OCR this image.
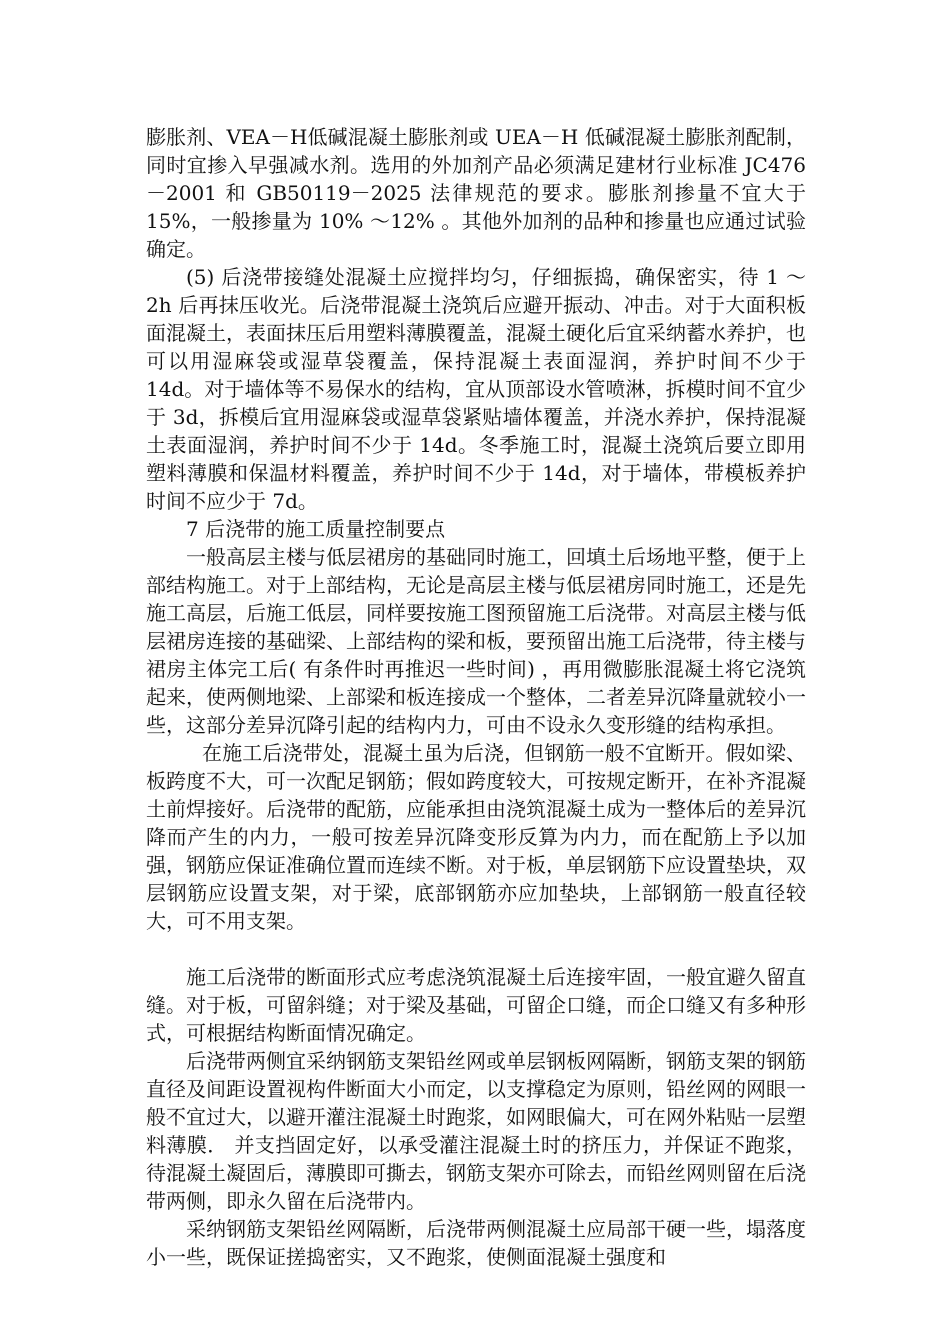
膨胀剂、VEA－H低碱混凝土膨胀剂或 UEA－H 低碱混凝土膨胀剂配制，同时宜掺入早强减水剂。选用的外加剂产品必须满足建材行业标准 JC476－2001 和 GB50119－2025 法律规范的要求。膨胀剂掺量不宜大于 15%，一般掺量为 10% ～12% 。其他外加剂的品种和掺量也应通过试验确定。

(5) 后浇带接缝处混凝土应搅拌均匀，仔细振捣，确保密实，待 1 ～2h 后再抹压收光。后浇带混凝土浇筑后应避开振动、冲击。对于大面积板面混凝土，表面抹压后用塑料薄膜覆盖，混凝土硬化后宜采纳蓄水养护，也可以用湿麻袋或湿草袋覆盖，保持混凝土表面湿润，养护时间不少于 14d。对于墙体等不易保水的结构，宜从顶部设水管喷淋，拆模时间不宜少于 3d，拆模后宜用湿麻袋或湿草袋紧贴墙体覆盖，并浇水养护，保持混凝土表面湿润，养护时间不少于 14d。冬季施工时，混凝土浇筑后要立即用塑料薄膜和保温材料覆盖，养护时间不少于 14d，对于墙体，带模板养护时间不应少于 7d。

7 后浇带的施工质量控制要点

一般高层主楼与低层裙房的基础同时施工，回填土后场地平整，便于上部结构施工。对于上部结构，无论是高层主楼与低层裙房同时施工，还是先施工高层，后施工低层，同样要按施工图预留施工后浇带。对高层主楼与低层裙房连接的基础梁、上部结构的梁和板，要预留出施工后浇带，待主楼与裙房主体完工后( 有条件时再推迟一些时间) ，再用微膨胀混凝土将它浇筑起来，使两侧地梁、上部梁和板连接成一个整体，二者差异沉降量就较小一些，这部分差异沉降引起的结构内力，可由不设永久变形缝的结构承担。

在施工后浇带处，混凝土虽为后浇，但钢筋一般不宜断开。假如梁、板跨度不大，可一次配足钢筋；假如跨度较大，可按规定断开，在补齐混凝土前焊接好。后浇带的配筋，应能承担由浇筑混凝土成为一整体后的差异沉降而产生的内力，一般可按差异沉降变形反算为内力，而在配筋上予以加强，钢筋应保证准确位置而连续不断。对于板，单层钢筋下应设置垫块，双层钢筋应设置支架，对于梁，底部钢筋亦应加垫块，上部钢筋一般直径较大，可不用支架。

施工后浇带的断面形式应考虑浇筑混凝土后连接牢固，一般宜避久留直缝。对于板，可留斜缝；对于梁及基础，可留企口缝，而企口缝又有多种形式，可根据结构断面情况确定。

后浇带两侧宜采纳钢筋支架铅丝网或单层钢板网隔断，钢筋支架的钢筋直径及间距设置视构件断面大小而定，以支撑稳定为原则，铅丝网的网眼一般不宜过大，以避开灌注混凝土时跑浆，如网眼偏大，可在网外粘贴一层塑料薄膜． 并支挡固定好，以承受灌注混凝土时的挤压力，并保证不跑浆，待混凝土凝固后，薄膜即可撕去，钢筋支架亦可除去，而铅丝网则留在后浇带两侧，即永久留在后浇带内。

采纳钢筋支架铅丝网隔断，后浇带两侧混凝土应局部干硬一些，塌落度小一些，既保证搓捣密实，又不跑浆，使侧面混凝土强度和
